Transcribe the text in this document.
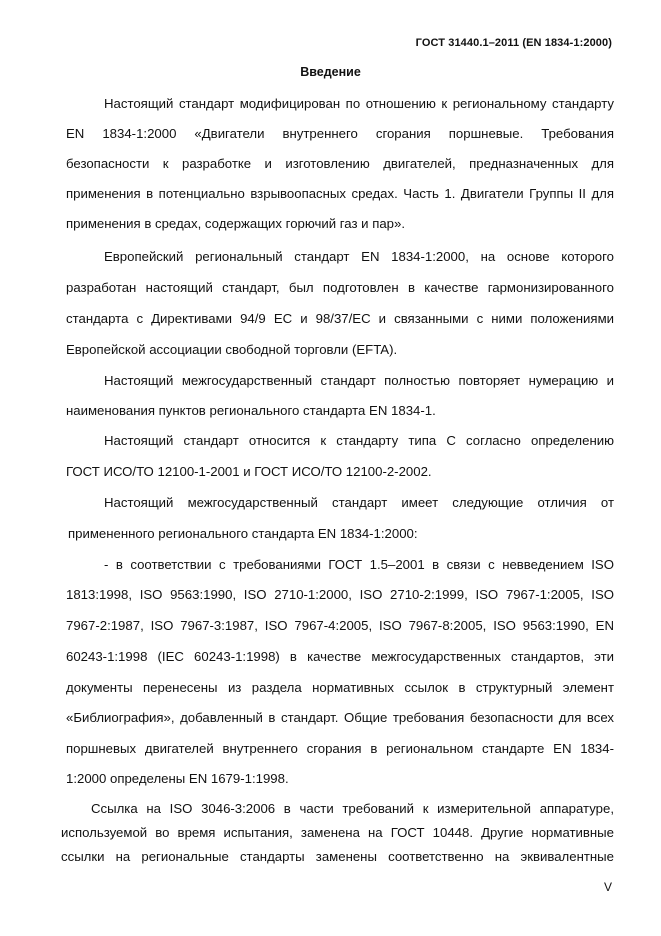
ГОСТ 31440.1–2011 (EN 1834-1:2000)
Введение

Настоящий стандарт модифицирован по отношению к региональному стандарту

EN 1834-1:2000 «Двигатели внутреннего сгорания поршневые. Требования

безопасности к разработке и изготовлению двигателей, предназначенных для

применения в потенциально взрывоопасных средах. Часть 1. Двигатели Группы II для

применения в средах, содержащих горючий газ и пар».

Европейский региональный стандарт EN 1834-1:2000, на основе которого

разработан настоящий стандарт, был подготовлен в качестве гармонизированного

стандарта с Директивами 94/9 ЕС и 98/37/ЕС и связанными с ними положениями

Европейской ассоциации свободной торговли (EFTA).

Настоящий межгосударственный стандарт полностью повторяет нумерацию и

наименования пунктов регионального стандарта EN 1834-1.

Настоящий стандарт относится к стандарту типа С согласно определению

ГОСТ ИСО/ТО 12100-1-2001 и ГОСТ ИСО/ТО 12100-2-2002.

Настоящий межгосударственный стандарт имеет следующие отличия от

примененного регионального стандарта EN 1834-1:2000:

- в соответствии с требованиями ГОСТ 1.5–2001 в связи с невведением ISO

1813:1998, ISO 9563:1990, ISO 2710-1:2000, ISO 2710-2:1999, ISO 7967-1:2005, ISO

7967-2:1987, ISO 7967-3:1987, ISO 7967-4:2005, ISO 7967-8:2005, ISO 9563:1990, EN

60243-1:1998 (IEC 60243-1:1998) в качестве межгосударственных стандартов, эти

документы перенесены из раздела нормативных ссылок в структурный элемент

«Библиография», добавленный в стандарт. Общие требования безопасности для всех

поршневых двигателей внутреннего сгорания в региональном стандарте EN 1834-

1:2000 определены EN 1679-1:1998.

Ссылка на ISO 3046-3:2006 в части требований к измерительной аппаратуре,

используемой во время испытания, заменена на ГОСТ 10448. Другие нормативные

ссылки на региональные стандарты заменены соответственно на эквивалентные

V
